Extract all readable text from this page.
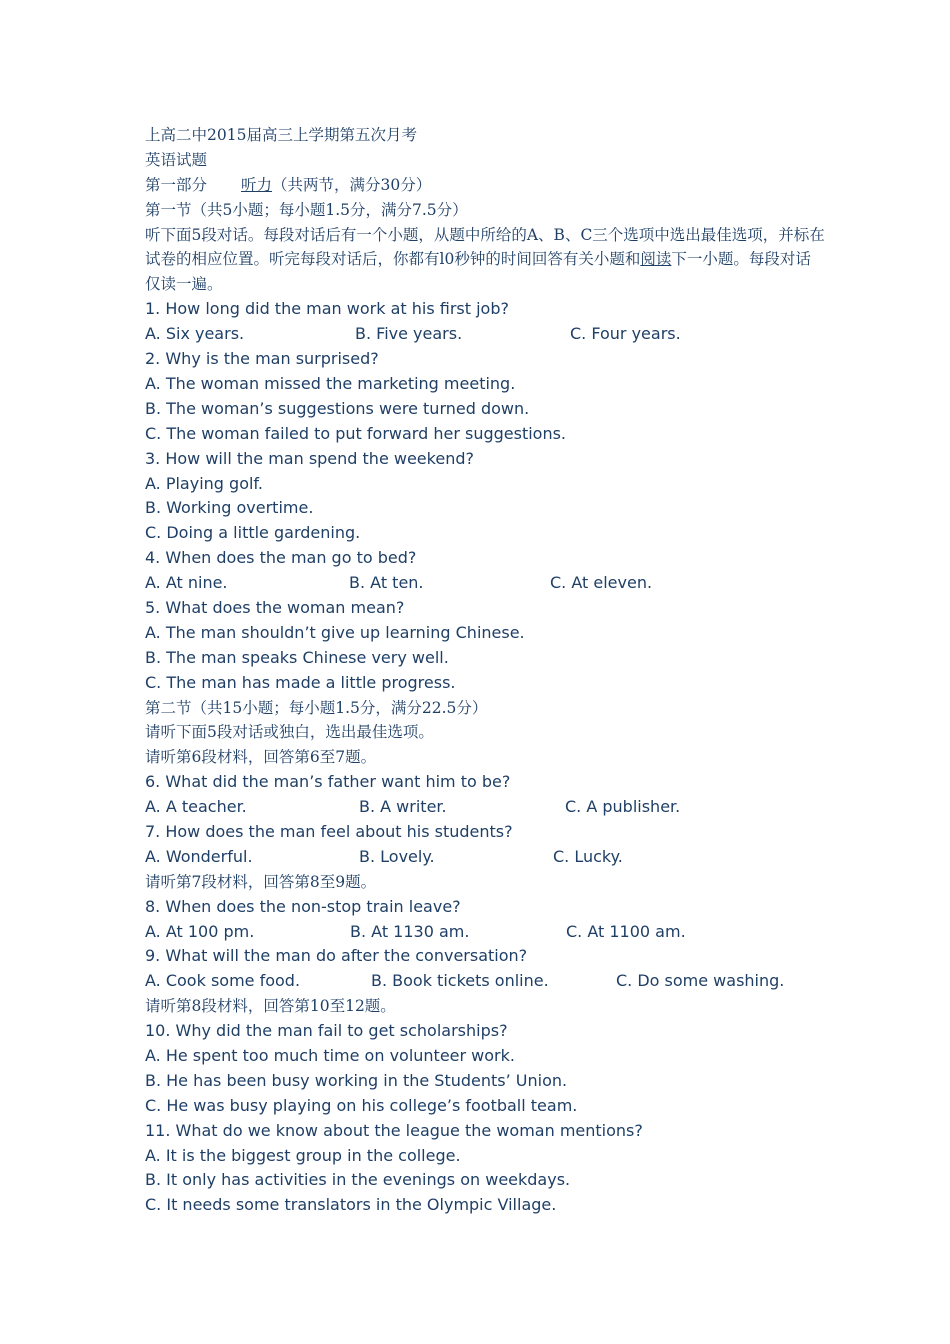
上高二中2015届高三上学期第五次月考
英语试题
第一部分 听力（共两节，满分30分）
第一节（共5小题；每小题1.5分，满分7.5分）
听下面5段对话。每段对话后有一个小题，从题中所给的A、B、C三个选项中选出最佳选项，并标在试卷的相应位置。听完每段对话后，你都有l0秒钟的时间回答有关小题和阅读下一小题。每段对话仅读一遍。
1. How long did the man work at his first job?
A. Six years.	B. Five years.	C. Four years.
2. Why is the man surprised?
A. The woman missed the marketing meeting.
B. The woman’s suggestions were turned down.
C. The woman failed to put forward her suggestions.
3. How will the man spend the weekend?
A. Playing golf.
B. Working overtime.
C. Doing a little gardening.
4. When does the man go to bed?
A. At nine.	B. At ten.	C. At eleven.
5. What does the woman mean?
A. The man shouldn’t give up learning Chinese.
B. The man speaks Chinese very well.
C. The man has made a little progress.
第二节（共15小题；每小题1.5分，满分22.5分）
请听下面5段对话或独白，选出最佳选项。
请听第6段材料，回答第6至7题。
6. What did the man’s father want him to be?
A. A teacher.	B. A writer.	C. A publisher.
7. How does the man feel about his students?
A. Wonderful.	B. Lovely.	C. Lucky.
请听第7段材料，回答第8至9题。
8. When does the non-stop train leave?
A. At 100 pm.	B. At 1130 am.	C. At 1100 am.
9. What will the man do after the conversation?
A. Cook some food.	B. Book tickets online.	C. Do some washing.
请听第8段材料，回答第10至12题。
10. Why did the man fail to get scholarships?
A. He spent too much time on volunteer work.
B. He has been busy working in the Students’ Union.
C. He was busy playing on his college’s football team.
11. What do we know about the league the woman mentions?
A. It is the biggest group in the college.
B. It only has activities in the evenings on weekdays.
C. It needs some translators in the Olympic Village.
